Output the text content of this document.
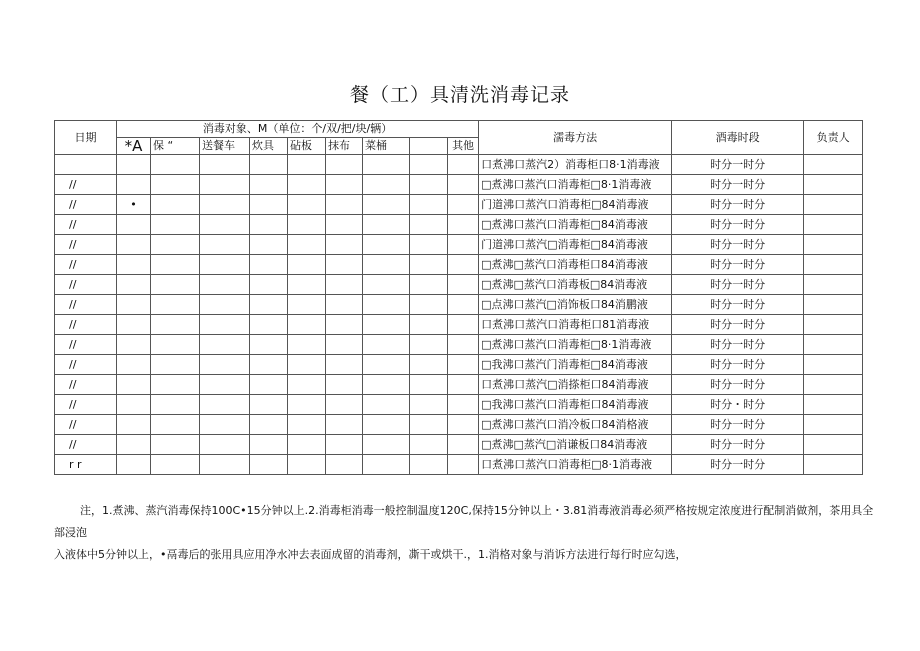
餐（工）具清洗消毒记录
日期	消毒对象、M（单位：个/双/把/块/辆）									濡毒方法	酒毒时段	负责人
	*A	保 “	送餐车	炊具	砧板	抹布	菜桶		其他			
										口煮沸口蒸汽2）消毒柜口8·1消毒液	时分一时分	
//										□煮沸口蒸汽口消毒柜□8·1消毒液	时分一时分	
//	•									门道沸口蒸汽口消毒柜□84消毒液	时分一时分	
//										□煮沸口蒸汽口消毒柜□84消毒液	时分一时分	
//										门道沸口蒸汽□消毒柜□84消毒液	时分一时分	
//										□煮沸□蒸汽口消毒柜口84消毒液	时分一时分	
//										□煮沸□蒸汽口消毒板□84消毒液	时分一时分	
//										□点沸口蒸汽□消饰板口84消鹏液	时分一时分	
//										口煮沸口蒸汽口消毒柜口81消毒液	时分一时分	
//										□煮沸口蒸汽口消毒柜□8·1消毒液	时分一时分	
//										□我沸口蒸汽门消毒柜□84消毒液	时分一时分	
//										口煮沸口蒸汽□消搽柜口84消毒液	时分一时分	
//										□我沸口蒸汽口消毒柜口84消毒液	时分・时分	
//										□煮沸口蒸汽口消冷板口84消格液	时分一时分	
//										□煮沸□蒸汽□消谦板口84消毒液	时分一时分	
r r										口煮沸口蒸汽口消毒柜□8·1消毒液	时分一时分	

注，1.煮沸、蒸汽消毒保持100C•15分钟以上.2.消毒柜消毒一般控制温度120C,保持15分钟以上・3.81消毒液消毒必须严格按规定浓度进行配制消做剂，茶用具全部浸泡

入液体中5分钟以上，•鬲毒后的张用具应用净水冲去表面成留的消毒剂，凘干或烘干.，1.消格对象与消诉方法进行每行时应勾选，
